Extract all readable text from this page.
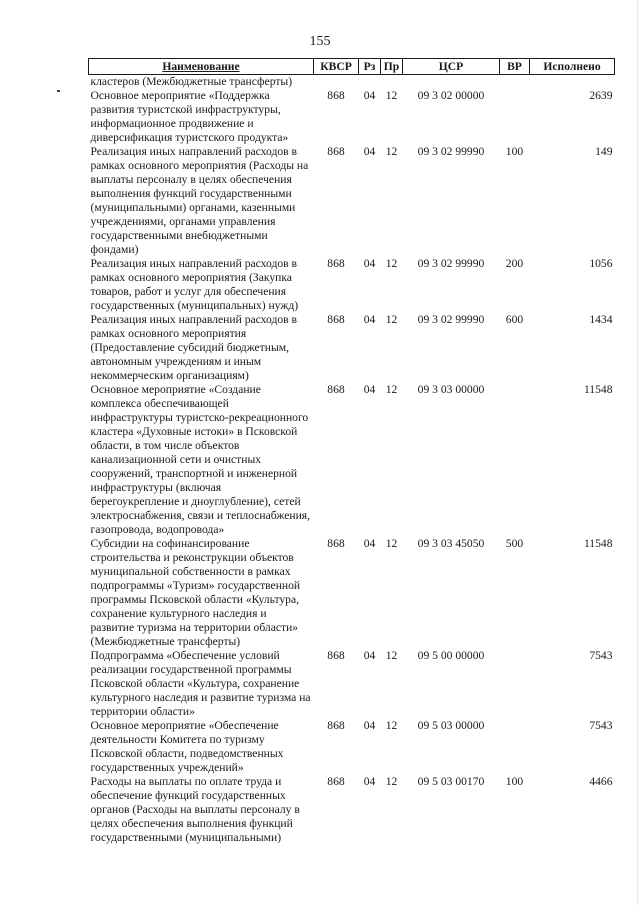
155
Наименование	КВСР	Рз	Пр	ЦСР	ВР	Исполнено
кластеров (Межбюджетные трансферты)						
Основное мероприятие «Поддержка развития туристской инфраструктуры, информационное продвижение и диверсификация туристского продукта»	868	04	12	09 3 02 00000		2639
Реализация иных направлений расходов в рамках основного мероприятия (Расходы на выплаты персоналу в целях обеспечения выполнения функций государственными (муниципальными) органами, казенными учреждениями, органами управления государственными внебюджетными фондами)	868	04	12	09 3 02 99990	100	149
Реализация иных направлений расходов в рамках основного мероприятия (Закупка товаров, работ и услуг для обеспечения государственных (муниципальных) нужд)	868	04	12	09 3 02 99990	200	1056
Реализация иных направлений расходов в рамках основного мероприятия (Предоставление субсидий бюджетным, автономным учреждениям и иным некоммерческим организациям)	868	04	12	09 3 02 99990	600	1434
Основное мероприятие «Создание комплекса обеспечивающей инфраструктуры туристско-рекреационного кластера «Духовные истоки» в Псковской области, в том числе объектов канализационной сети и очистных сооружений, транспортной и инженерной инфраструктуры (включая берегоукрепление и дноуглубление), сетей электроснабжения, связи и теплоснабжения, газопровода, водопровода»	868	04	12	09 3 03 00000		11548
Субсидии на софинансирование строительства и реконструкции объектов муниципальной собственности в рамках подпрограммы «Туризм» государственной программы Псковской области «Культура, сохранение культурного наследия и развитие туризма на территории области» (Межбюджетные трансферты)	868	04	12	09 3 03 45050	500	11548
Подпрограмма «Обеспечение условий реализации государственной программы Псковской области «Культура, сохранение культурного наследия и развитие туризма на территории области»	868	04	12	09 5 00 00000		7543
Основное мероприятие «Обеспечение деятельности Комитета по туризму Псковской области, подведомственных государственных учреждений»	868	04	12	09 5 03 00000		7543
Расходы на выплаты по оплате труда и обеспечение функций государственных органов (Расходы на выплаты персоналу в целях обеспечения выполнения функций государственными (муниципальными)	868	04	12	09 5 03 00170	100	4466
